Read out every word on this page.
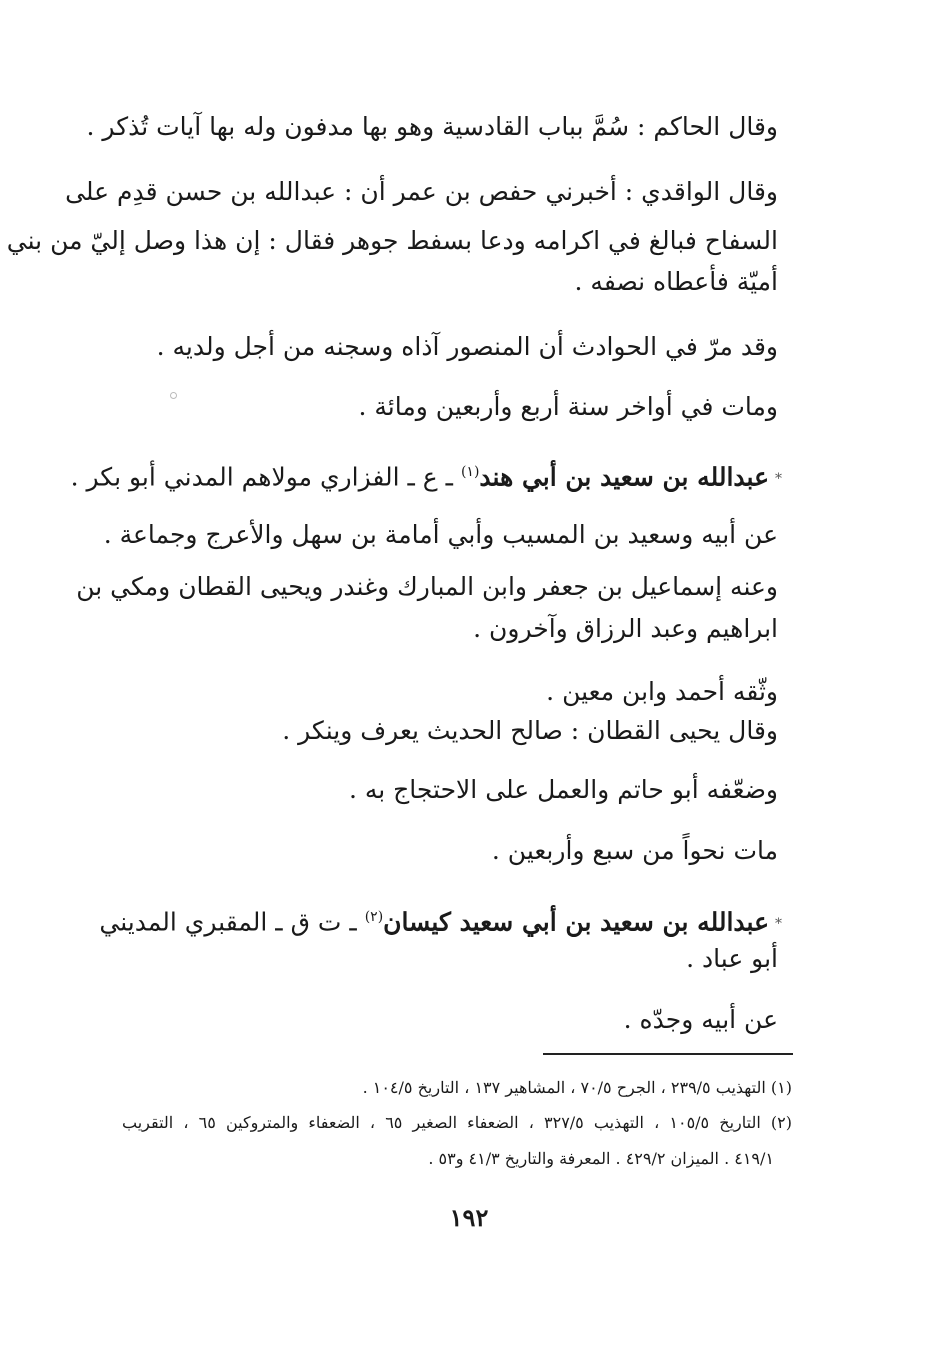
وقال الحاكم : سُمَّ بباب القادسية وهو بها مدفون وله بها آيات تُذكر .
وقال الواقدي : أخبرني حفص بن عمر أن : عبدالله بن حسن قدِم على
السفاح فبالغ في اكرامه ودعا بسفط جوهر فقال : إن هذا وصل إليّ من بني
أميّة فأعطاه نصفه .
وقد مرّ في الحوادث أن المنصور آذاه وسجنه من أجل ولديه .
ومات في أواخر سنة أربع وأربعين ومائة .
*عبدالله بن سعيد بن أبي هند$^{(١)}$ ـ ع ـ الفزاري مولاهم المدني أبو بكر .
عن أبيه وسعيد بن المسيب وأبي أمامة بن سهل والأعرج وجماعة .
وعنه إسماعيل بن جعفر وابن المبارك وغندر ويحيى القطان ومكي بن
ابراهيم وعبد الرزاق وآخرون .
وثّقه أحمد وابن معين .
وقال يحيى القطان : صالح الحديث يعرف وينكر .
وضعّفه أبو حاتم والعمل على الاحتجاج به .
مات نحواً من سبع وأربعين .
*عبدالله بن سعيد بن أبي سعيد كيسان$^{(٢)}$ ـ ت ق ـ المقبري المديني
أبو عباد .
عن أبيه وجدّه .
(١) التهذيب ٢٣٩/٥ ، الجرح ٧٠/٥ ، المشاهير ١٣٧ ، التاريخ ١٠٤/٥ .
(٢) التاريخ ١٠٥/٥ ، التهذيب ٣٢٧/٥ ، الضعفاء الصغير ٦٥ ، الضعفاء والمتروكين ٦٥ ، التقريب
٤١٩/١ . الميزان ٤٢٩/٢ . المعرفة والتاريخ ٤١/٣ و٥٣ .
١٩٢
